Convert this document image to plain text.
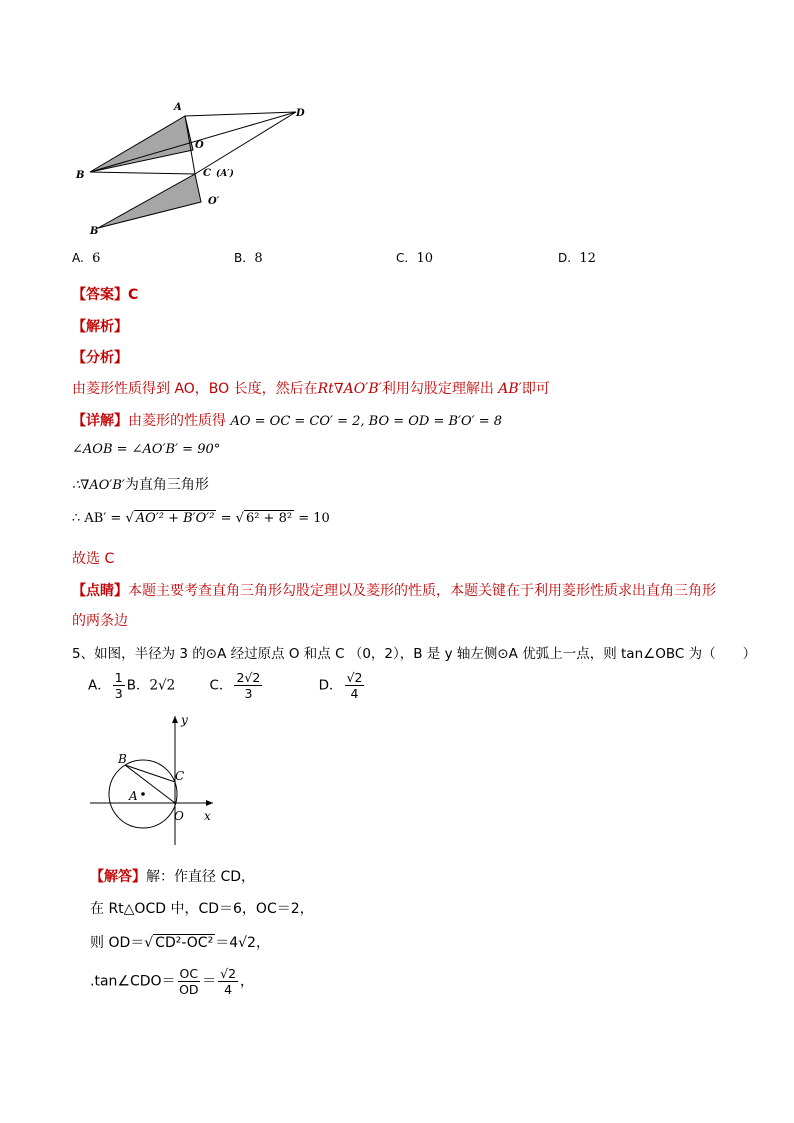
A
D
O
B	C (A′)
O′
B′
A. 6	B. 8	C. 10	D. 12
【答案】C
【解析】
【分析】
由菱形性质得到 AO，BO 长度，然后在Rt∇AO′B′利用勾股定理解出 AB′即可
【详解】由菱形的性质得 AO = OC = CO′ = 2, BO = OD = B′O′ = 8
∠AOB = ∠AO′B′ = 90°
∴∇AO′B′为直角三角形
∴ AB′ = √ AO′² + B′O′² = √ 6² + 8² = 10
故选 C
【点睛】本题主要考查直角三角形勾股定理以及菱形的性质，本题关键在于利用菱形性质求出直角三角形
的两条边
5、如图，半径为 3 的⊙A 经过原点 O 和点 C （0，2），B 是 y 轴左侧⊙A 优弧上一点，则 tan∠OBC 为（　　）
A． $\frac{1}{3}$ B．2√2	C． $\frac{2√2}{3}$	D． $\frac{√2}{4}$
y
x
B
C
A
O
【解答】解：作直径 CD，
在 Rt△OCD 中，CD＝6，OC＝2，
则 OD＝√ CD²-OC² ＝4√2，
.tan∠CDO＝ $\frac{OC}{OD} = \frac{√2}{4}$ ，
